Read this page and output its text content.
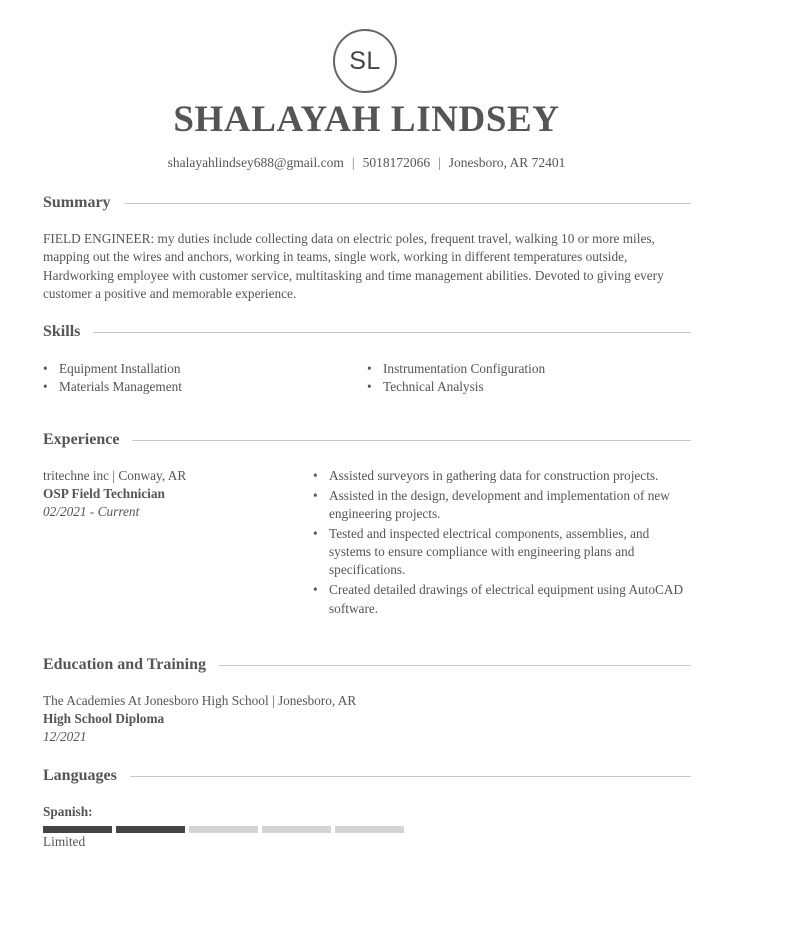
SL
SHALAYAH LINDSEY
shalayahlindsey688@gmail.com | 5018172066 | Jonesboro, AR 72401
Summary

FIELD ENGINEER: my duties include collecting data on electric poles, frequent travel, walking 10 or more miles, mapping out the wires and anchors, working in teams, single work, working in different temperatures outside, Hardworking employee with customer service, multitasking and time management abilities. Devoted to giving every customer a positive and memorable experience.

Skills
• Equipment Installation
• Materials Management
• Instrumentation Configuration
• Technical Analysis
Experience
tritechne inc | Conway, AR
OSP Field Technician
02/2021 - Current
• Assisted surveyors in gathering data for construction projects.
• Assisted in the design, development and implementation of new engineering projects.
• Tested and inspected electrical components, assemblies, and systems to ensure compliance with engineering plans and specifications.
• Created detailed drawings of electrical equipment using AutoCAD software.
Education and Training
The Academies At Jonesboro High School | Jonesboro, AR
High School Diploma
12/2021
Languages
Spanish:
Limited
